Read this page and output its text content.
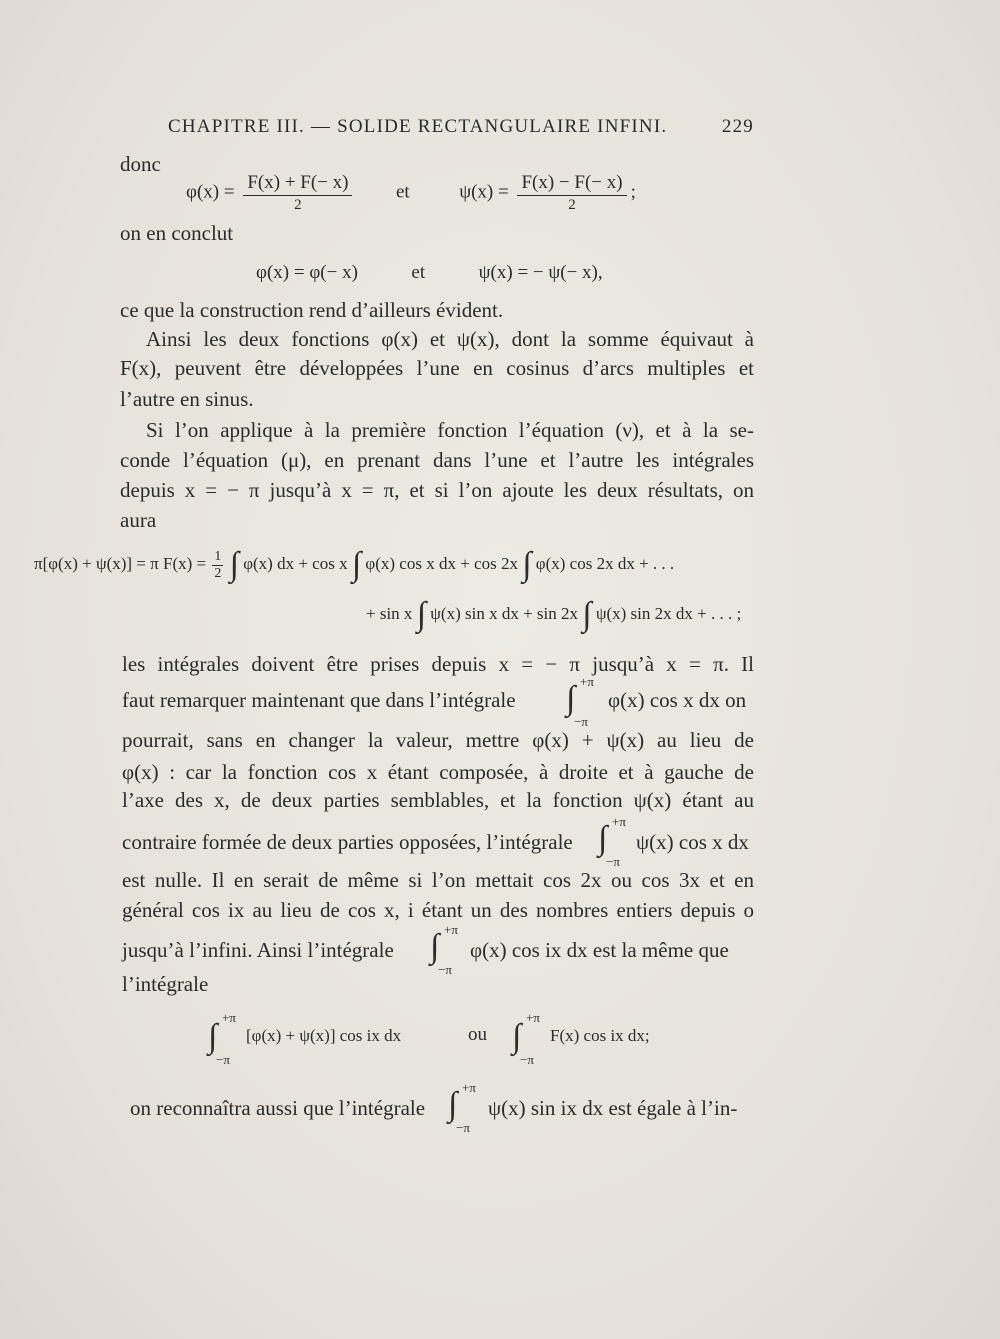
CHAPITRE III. — SOLIDE RECTANGULAIRE INFINI.	229
donc
$\varphi(x) = \frac{F(x) + F(- x)}{2}$ et	$\psi(x) = \frac{F(x) - F(- x)}{2}$ ;
on en conclut
φ(x) = φ(− x)	et	ψ(x) = − ψ(− x),
ce que la construction rend d’ailleurs évident.
Ainsi les deux fonctions φ(x) et ψ(x), dont la somme équivaut à
F(x), peuvent être développées l’une en cosinus d’arcs multiples et
l’autre en sinus.
Si l’on applique à la première fonction l’équation (ν), et à la se-
conde l’équation (μ), en prenant dans l’une et l’autre les intégrales
depuis x = − π jusqu’à x = π, et si l’on ajoute les deux résultats, on
aura
π[φ(x) + ψ(x)] = π $F(x) = \frac{1}{2}$ ∫ φ(x) dx + cos x ∫ φ(x) cos x dx + cos 2x ∫ φ(x) cos 2x dx + . . .
+ sin x ∫ ψ(x) sin x dx + sin 2x ∫ ψ(x) sin 2x dx + . . . ;
les intégrales doivent être prises depuis x = − π jusqu’à x = π. Il
faut remarquer maintenant que dans l’intégrale ∫ +π
−π
φ(x) cos x dx on
pourrait, sans en changer la valeur, mettre φ(x) + ψ(x) au lieu de
φ(x) : car la fonction cos x étant composée, à droite et à gauche de
l’axe des x, de deux parties semblables, et la fonction ψ(x) étant au
contraire formée de deux parties opposées, l’intégrale ∫ +π
−π
ψ(x) cos x dx
est nulle. Il en serait de même si l’on mettait cos 2x ou cos 3x et en
général cos ix au lieu de cos x, i étant un des nombres entiers depuis o
jusqu’à l’infini. Ainsi l’intégrale ∫ +π
−π
φ(x) cos ix dx est la même que
l’intégrale
∫
+π
−π
[φ(x) + ψ(x)] cos ix dx	ou ∫
+π
−π
F(x) cos ix dx;
on reconnaîtra aussi que l’intégrale ∫ +π
−π
ψ(x) sin ix dx est égale à l’in-
